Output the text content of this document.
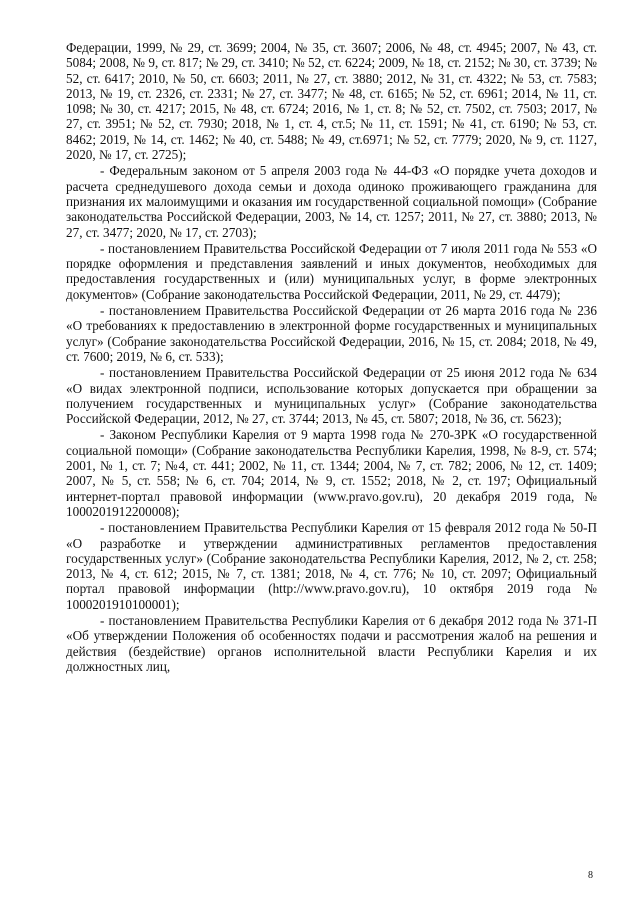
Федерации, 1999, № 29, ст. 3699; 2004, № 35, ст. 3607; 2006, № 48, ст. 4945; 2007, № 43, ст. 5084; 2008, № 9, ст. 817; № 29, ст. 3410; № 52, ст. 6224; 2009, № 18, ст. 2152; № 30, ст. 3739; № 52, ст. 6417; 2010, № 50, ст. 6603; 2011, № 27, ст. 3880; 2012, № 31, ст. 4322; № 53, ст. 7583; 2013, № 19, ст. 2326, ст. 2331; № 27, ст. 3477; № 48, ст. 6165; № 52, ст. 6961; 2014, № 11, ст. 1098; № 30, ст. 4217; 2015, № 48, ст. 6724; 2016, № 1, ст. 8; № 52, ст. 7502, ст. 7503; 2017, № 27, ст. 3951; № 52, ст. 7930; 2018, № 1, ст. 4, ст.5; № 11, ст. 1591; № 41, ст. 6190; № 53, ст. 8462; 2019, № 14, ст. 1462; № 40, ст. 5488; № 49, ст.6971; № 52, ст. 7779; 2020, № 9, ст. 1127, 2020, № 17, ст. 2725);

- Федеральным законом от 5 апреля 2003 года № 44-ФЗ «О порядке учета доходов и расчета среднедушевого дохода семьи и дохода одиноко проживающего гражданина для признания их малоимущими и оказания им государственной социальной помощи» (Собрание законодательства Российской Федерации, 2003, № 14, ст. 1257; 2011, № 27, ст. 3880; 2013, № 27, ст. 3477; 2020, № 17, ст. 2703);

- постановлением Правительства Российской Федерации от 7 июля 2011 года № 553 «О порядке оформления и представления заявлений и иных документов, необходимых для предоставления государственных и (или) муниципальных услуг, в форме электронных документов» (Собрание законодательства Российской Федерации, 2011, № 29, ст. 4479);

- постановлением Правительства Российской Федерации от 26 марта 2016 года № 236 «О требованиях к предоставлению в электронной форме государственных и муниципальных услуг» (Собрание законодательства Российской Федерации, 2016, № 15, ст. 2084; 2018, № 49, ст. 7600; 2019, № 6, ст. 533);

- постановлением Правительства Российской Федерации от 25 июня 2012 года № 634 «О видах электронной подписи, использование которых допускается при обращении за получением государственных и муниципальных услуг» (Собрание законодательства Российской Федерации, 2012, № 27, ст. 3744; 2013, № 45, ст. 5807; 2018, № 36, ст. 5623);

- Законом Республики Карелия от 9 марта 1998 года № 270-ЗРК «О государственной социальной помощи» (Собрание законодательства Республики Карелия, 1998, № 8-9, ст. 574; 2001, № 1, ст. 7; №4, ст. 441; 2002, № 11, ст. 1344; 2004, № 7, ст. 782; 2006, № 12, ст. 1409; 2007, № 5, ст. 558; № 6, ст. 704; 2014, № 9, ст. 1552; 2018, № 2, ст. 197; Официальный интернет-портал правовой информации (www.pravo.gov.ru), 20 декабря 2019 года, № 1000201912200008);

- постановлением Правительства Республики Карелия от 15 февраля 2012 года № 50-П «О разработке и утверждении административных регламентов предоставления государственных услуг» (Собрание законодательства Республики Карелия, 2012, № 2, ст. 258; 2013, № 4, ст. 612; 2015, № 7, ст. 1381; 2018, № 4, ст. 776; № 10, ст. 2097; Официальный портал правовой информации (http://www.pravo.gov.ru), 10 октября 2019 года № 1000201910100001);

- постановлением Правительства Республики Карелия от 6 декабря 2012 года № 371-П «Об утверждении Положения об особенностях подачи и рассмотрения жалоб на решения и действия (бездействие) органов исполнительной власти Республики Карелия и их должностных лиц,

8
